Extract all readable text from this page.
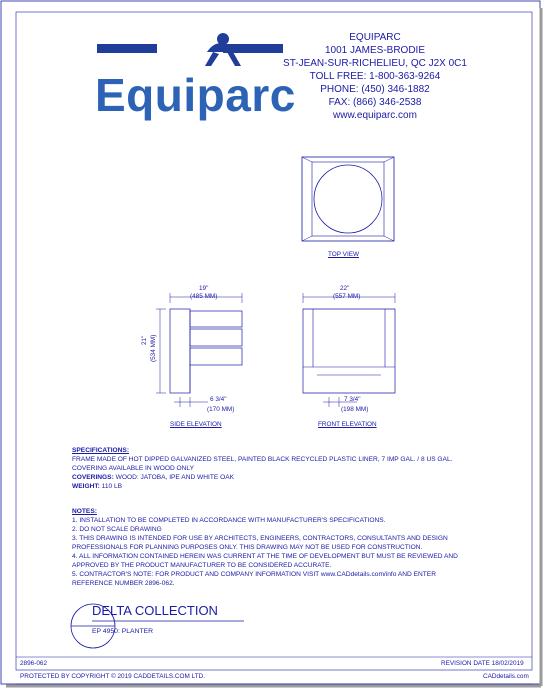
Equiparc
EQUIPARC
1001 JAMES-BRODIE
ST-JEAN-SUR-RICHELIEU, QC J2X 0C1
TOLL FREE: 1-800-363-9264
PHONE: (450) 346-1882
FAX: (866) 346-2538
www.equiparc.com
TOP VIEW
19"
(485 MM)
21" (534 MM)
6 3/4"
(170 MM)
SIDE ELEVATION
22"
(557 MM)
7 3/4"
(198 MM)
FRONT ELEVATION
SPECIFICATIONS:
FRAME MADE OF HOT DIPPED GALVANIZED STEEL, PAINTED BLACK RECYCLED PLASTIC LINER, 7 IMP GAL. / 8 US GAL.
COVERING AVAILABLE IN WOOD ONLY
COVERINGS: WOOD: JATOBA, IPE AND WHITE OAK
WEIGHT: 110 LB
NOTES:
1. INSTALLATION TO BE COMPLETED IN ACCORDANCE WITH MANUFACTURER'S SPECIFICATIONS.
2. DO NOT SCALE DRAWING
3. THIS DRAWING IS INTENDED FOR USE BY ARCHITECTS, ENGINEERS, CONTRACTORS, CONSULTANTS AND DESIGN
PROFESSIONALS FOR PLANNING PURPOSES ONLY. THIS DRAWING MAY NOT BE USED FOR CONSTRUCTION.
4. ALL INFORMATION CONTAINED HEREIN WAS CURRENT AT THE TIME OF DEVELOPMENT BUT MUST BE REVIEWED AND
APPROVED BY THE PRODUCT MANUFACTURER TO BE CONSIDERED ACCURATE.
5. CONTRACTOR'S NOTE: FOR PRODUCT AND COMPANY INFORMATION VISIT www.CADdetails.com/info AND ENTER
REFERENCE NUMBER 2896-062.
DELTA COLLECTION
EP 4950: PLANTER
2896-062	REVISION DATE 18/02/2019
PROTECTED BY COPYRIGHT © 2019 CADDETAILS.COM LTD.	CADdetails.com
